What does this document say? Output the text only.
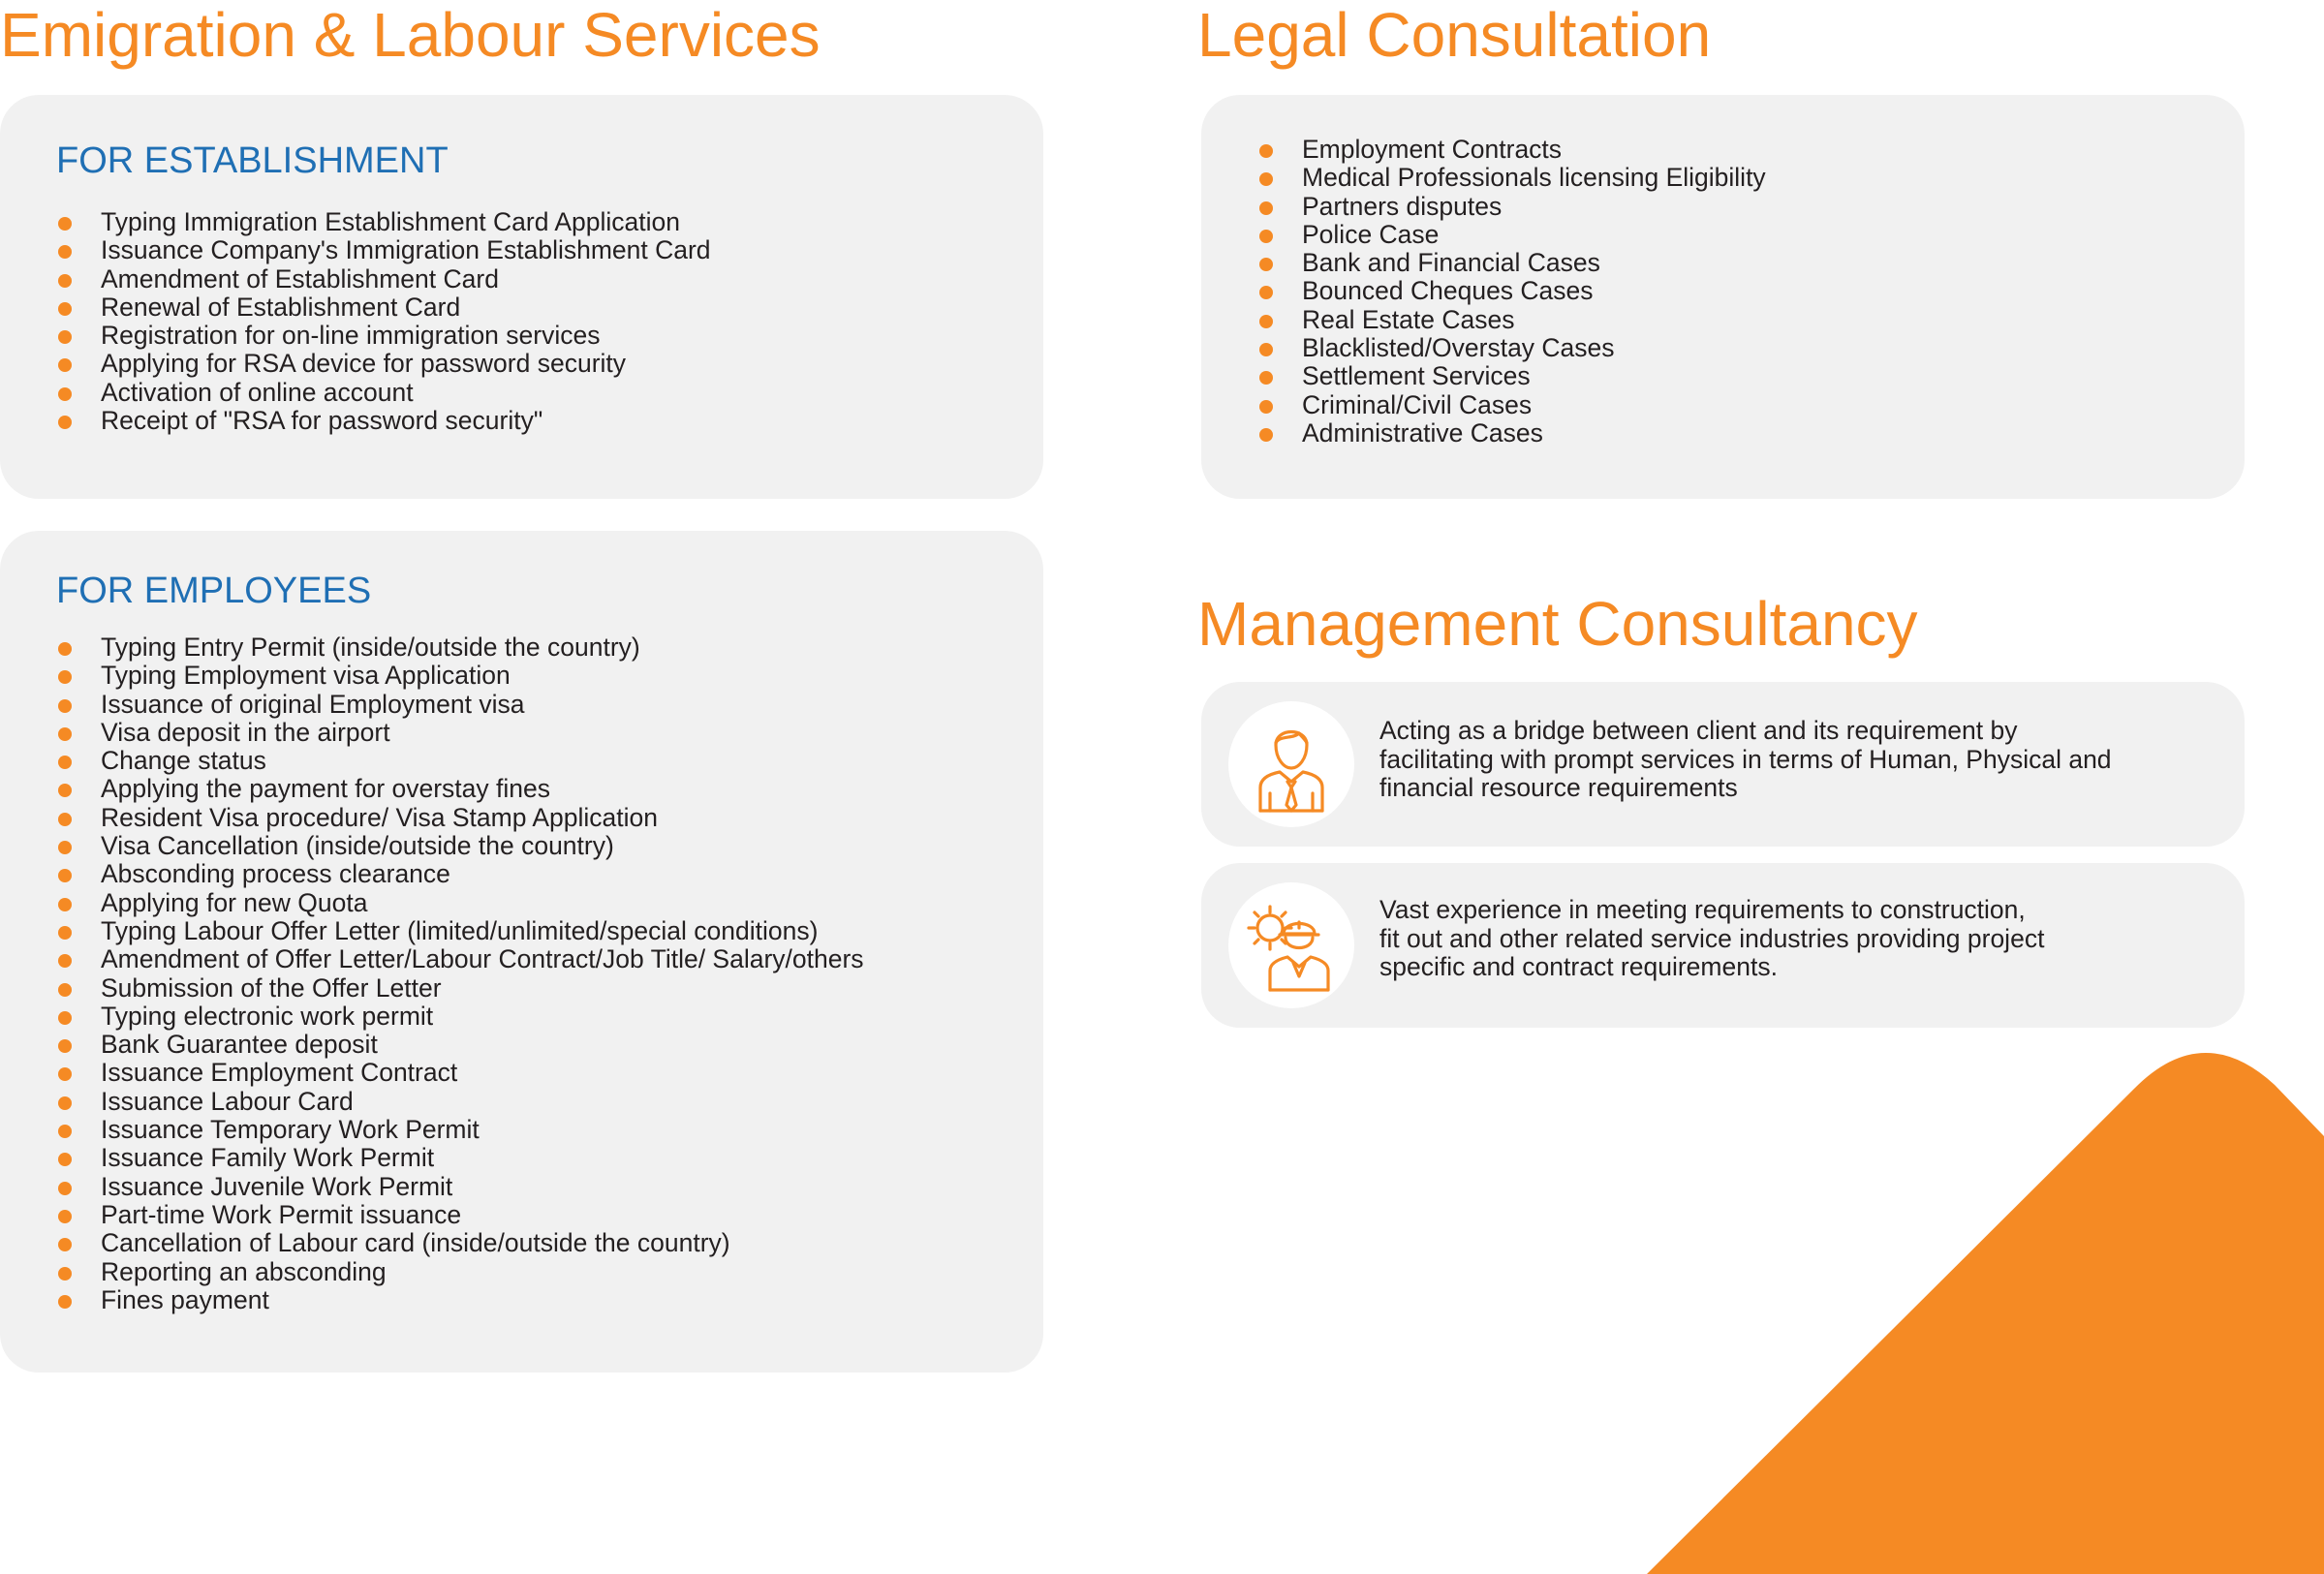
Emigration & Labour Services
FOR ESTABLISHMENT
Typing Immigration Establishment Card Application
Issuance Company's Immigration Establishment Card
Amendment of Establishment Card
Renewal of Establishment Card
Registration for on-line immigration services
Applying for RSA device for password security
Activation of online account
Receipt of "RSA for password security"
FOR EMPLOYEES
Typing Entry Permit (inside/outside the country)
Typing Employment visa Application
Issuance of original Employment visa
Visa deposit in the airport
Change status
Applying the payment for overstay fines
Resident Visa procedure/ Visa Stamp Application
Visa Cancellation (inside/outside the country)
Absconding process clearance
Applying for new Quota
Typing Labour Offer Letter (limited/unlimited/special conditions)
Amendment of Offer Letter/Labour Contract/Job Title/ Salary/others
Submission of the Offer Letter
Typing electronic work permit
Bank Guarantee deposit
Issuance Employment Contract
Issuance Labour Card
Issuance Temporary Work Permit
Issuance Family Work Permit
Issuance Juvenile Work Permit
Part-time Work Permit issuance
Cancellation of Labour card (inside/outside the country)
Reporting an absconding
Fines payment
Legal Consultation
Employment Contracts
Medical Professionals licensing Eligibility
Partners disputes
Police Case
Bank and Financial Cases
Bounced Cheques Cases
Real Estate Cases
Blacklisted/Overstay Cases
Settlement Services
Criminal/Civil Cases
Administrative Cases
Management Consultancy

Acting as a bridge between client and its requirement by
facilitating with prompt services in terms of Human, Physical and
financial resource requirements

Vast experience in meeting requirements to construction,
fit out and other related service industries providing project
specific and contract requirements.
